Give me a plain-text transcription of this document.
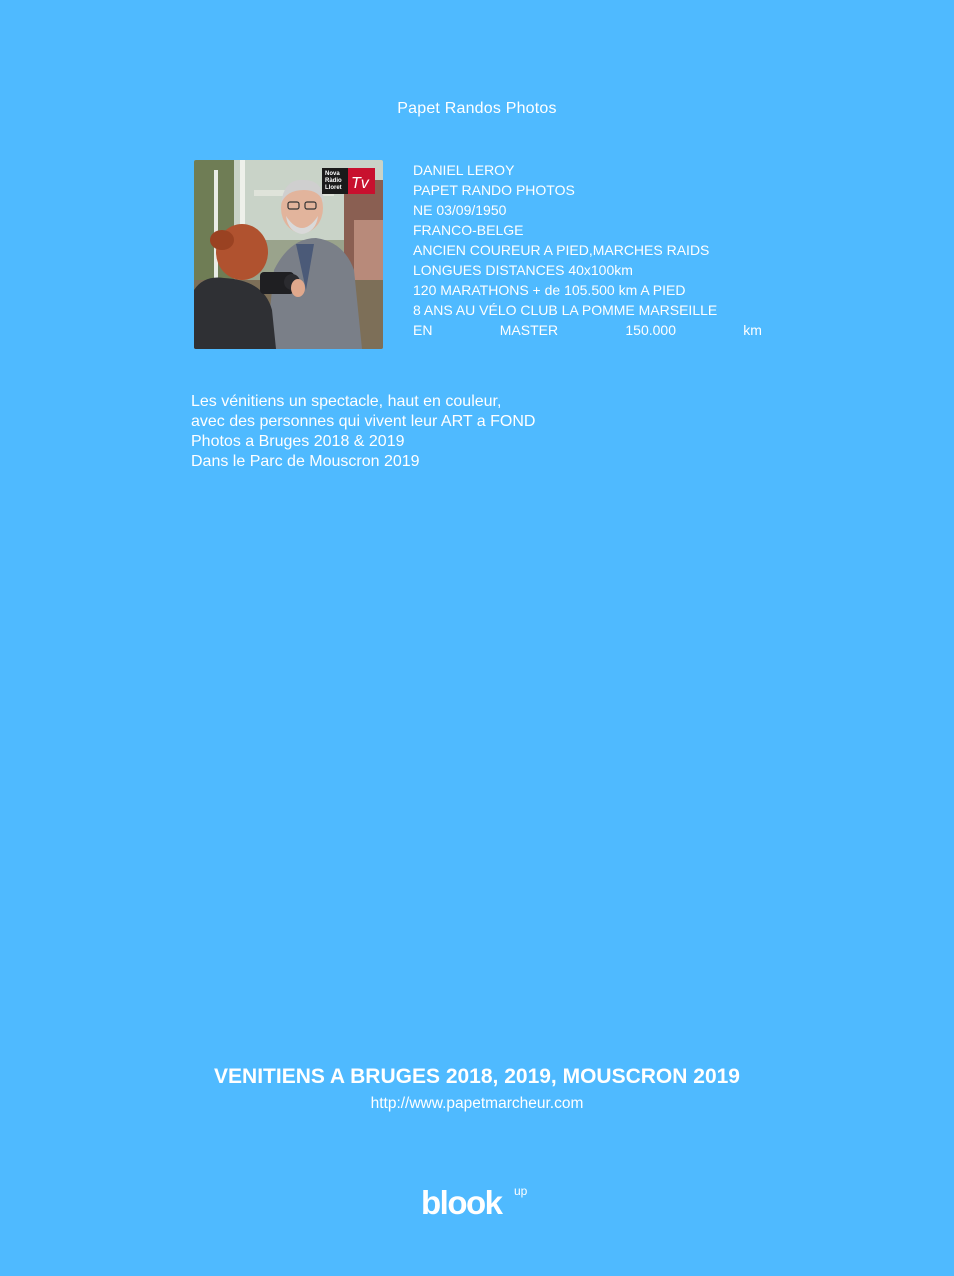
Papet Randos Photos
Nova
Ràdio
Lloret Tv
DANIEL LEROY
PAPET RANDO PHOTOS
NE 03/09/1950
FRANCO-BELGE
ANCIEN COUREUR A PIED,MARCHES RAIDS
LONGUES DISTANCES 40x100km
120 MARATHONS + de 105.500 km A PIED
8 ANS AU VÉLO CLUB LA POMME MARSEILLE
EN	MASTER	150.000	km
Les vénitiens un spectacle, haut en couleur,
avec des personnes qui vivent leur ART a FOND
Photos a Bruges 2018 & 2019
Dans le Parc de Mouscron 2019
VENITIENS A BRUGES 2018, 2019, MOUSCRON 2019
http://www.papetmarcheur.com
blook up
